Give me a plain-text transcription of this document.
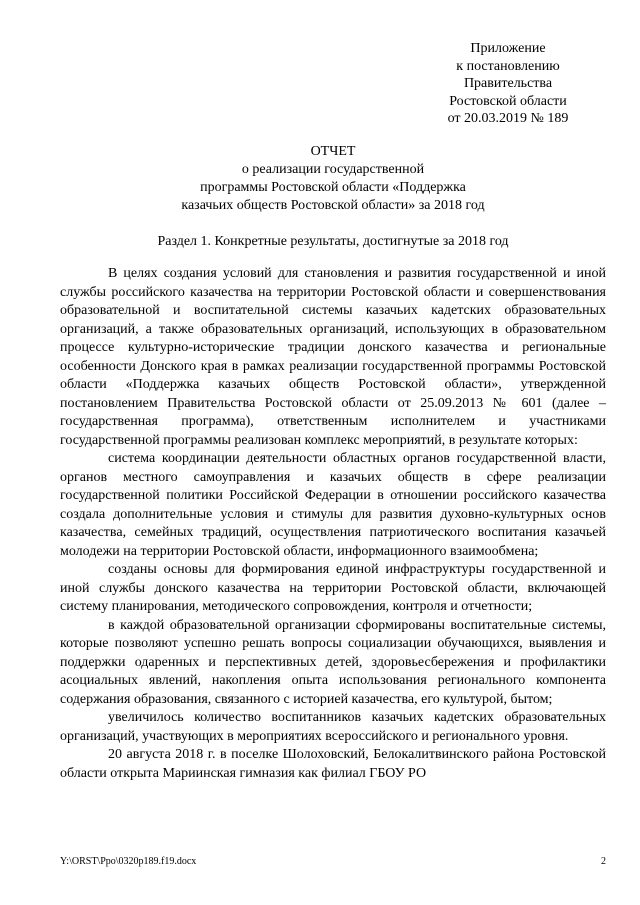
Приложение
к постановлению
Правительства
Ростовской области
от 20.03.2019 № 189
ОТЧЕТ
о реализации государственной
программы Ростовской области «Поддержка
казачьих обществ Ростовской области» за 2018 год
Раздел 1. Конкретные результаты, достигнутые за 2018 год

В целях создания условий для становления и развития государственной и иной службы российского казачества на территории Ростовской области и совершенствования образовательной и воспитательной системы казачьих кадетских образовательных организаций, а также образовательных организаций, использующих в образовательном процессе культурно-исторические традиции донского казачества и региональные особенности Донского края в рамках реализации государственной программы Ростовской области «Поддержка казачьих обществ Ростовской области», утвержденной постановлением Правительства Ростовской области от 25.09.2013 № 601 (далее – государственная программа), ответственным исполнителем и участниками государственной программы реализован комплекс мероприятий, в результате которых:

система координации деятельности областных органов государственной власти, органов местного самоуправления и казачьих обществ в сфере реализации государственной политики Российской Федерации в отношении российского казачества создала дополнительные условия и стимулы для развития духовно-культурных основ казачества, семейных традиций, осуществления патриотического воспитания казачьей молодежи на территории Ростовской области, информационного взаимообмена;

созданы основы для формирования единой инфраструктуры государственной и иной службы донского казачества на территории Ростовской области, включающей систему планирования, методического сопровождения, контроля и отчетности;

в каждой образовательной организации сформированы воспитательные системы, которые позволяют успешно решать вопросы социализации обучающихся, выявления и поддержки одаренных и перспективных детей, здоровьесбережения и профилактики асоциальных явлений, накопления опыта использования регионального компонента содержания образования, связанного с историей казачества, его культурой, бытом;

увеличилось количество воспитанников казачьих кадетских образовательных организаций, участвующих в мероприятиях всероссийского и регионального уровня.

20 августа 2018 г. в поселке Шолоховский, Белокалитвинского района Ростовской области открыта Мариинская гимназия как филиал ГБОУ РО

Y:\ORST\Ppo\0320p189.f19.docx	2
